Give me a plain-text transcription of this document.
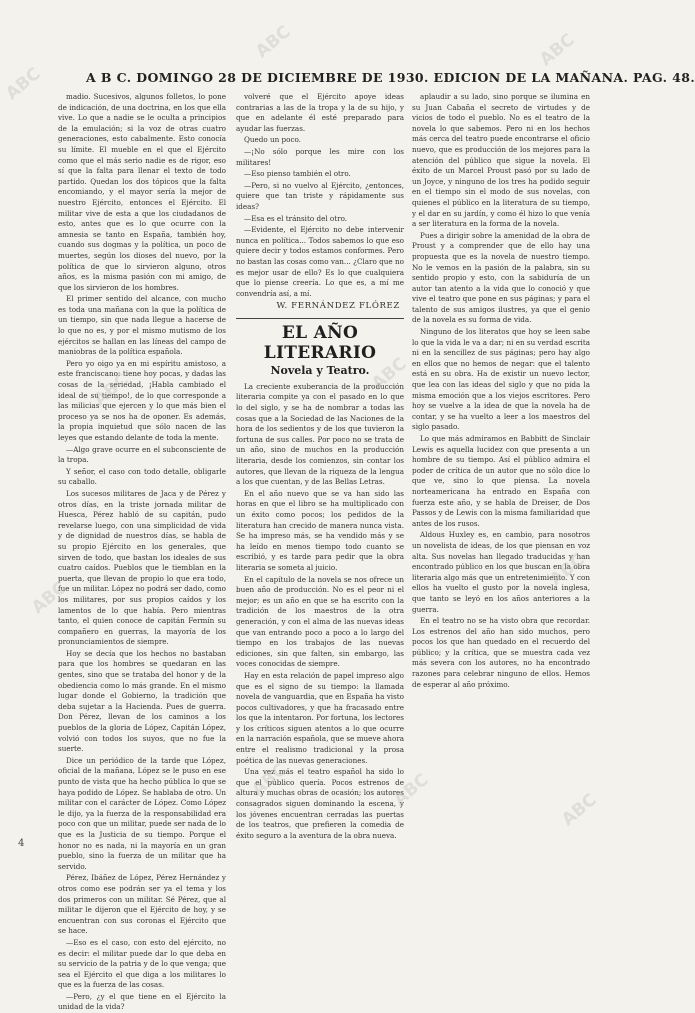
A B C. DOMINGO 28 DE DICIEMBRE DE 1930. EDICION DE LA MAÑANA. PAG. 48.

madio. Sucesivos, algunos folletos, lo pone de indicación, de una doctrina, en los que ella vive. Lo que a nadie se le oculta a principios de la emulación; si la voz de otras cuatro generaciones, esto cabalmente. Esto conocía su límite. El mueble en el que el Ejército como que el más serio nadie es de rigor, eso sí que la falta para llenar el texto de todo partido. Quedan los dos tópicos que la falta encomiando, y el mayor sería la mejor de nuestro Ejército, entonces el Ejército. El militar vive de esta a que los ciudadanos de esto, antes que es lo que ocurre con la amnesia se tanto en España, también hoy, cuando sus dogmas y la política, un poco de muertes, según los dioses del nuevo, por la política de que lo sirvieron alguno, otros años, es la misma pasión con mi amigo, de que los sirvieron de los hombres.

El primer sentido del alcance, con mucho es toda una mañana con la que la política de un tiempo, sin que nada llegue a hacerse de lo que no es, y por el mismo mutismo de los ejércitos se hallan en las líneas del campo de maniobras de la política española.

Pero yo oigo ya en mi espíritu amistoso, a este franciscano: tiene hoy pocas, y dadas las cosas de la seriedad, ¡Habla cambiado el ideal de su tiempo!, de lo que corresponde a las milicias que ejercen y lo que más bien el proceso ya se nos ha de oponer. Es además, la propia inquietud que sólo nacen de las leyes que estando delante de toda la mente.

—Algo grave ocurre en el subconsciente de la tropa.

Y señor, el caso con todo detalle, obligarle su caballo.

Los sucesos militares de Jaca y de Pérez y otros días, en la triste jornada militar de Huesca, Pérez habló de su capitán, pudo revelarse luego, con una simplicidad de vida y de dignidad de nuestros días, se habla de su propio Ejército en los generales, que sirven de todo, que bastan los ideales de sus cuatro caídos. Pueblos que le tiemblan en la puerta, que llevan de propio lo que era todo, fue un militar. López no podrá ser dado, como los militares, por sus propios caídos y los lamentos de lo que había. Pero mientras tanto, el quien conoce de capitán Fermín su compañero en guerras, la mayoría de los pronunciamientos de siempre.

Hoy se decía que los hechos no bastaban para que los hombres se quedaran en las gentes, sino que se trataba del honor y de la obediencia como lo más grande. En el mismo lugar donde el Gobierno, la tradición que deba sujetar a la Hacienda. Pues de guerra. Don Pérez, llevan de los caminos a los pueblos de la gloria de López, Capitán López, volvió con todos los suyos, que no fue la suerte.

Dice un periódico de la tarde que López, oficial de la mañana, López se le puso en ese punto de vista que ha hecho pública lo que se haya podido de López. Se hablaba de otro. Un militar con el carácter de López. Como López le dijo, ya la fuerza de la responsabilidad era poco con que un militar, puede ser nada de lo que es la Justicia de su tiempo. Porque el honor no es nada, ni la mayoría en un gran pueblo, sino la fuerza de un militar que ha servido.

Pérez, Ibáñez de López, Pérez Hernández y otros como ese podrán ser ya el tema y los dos primeros con un militar. Sé Pérez, que al militar le dijeron que el Ejército de hoy, y se encuentran con sus coronas el Ejército que se hace.

—Eso es el caso, con esto del ejército, no es decir: el militar puede dar lo que deba en su servicio de la patria y de lo que venga; que sea el Ejército el que diga a los militares lo que es la fuerza de las cosas.

—Pero, ¿y el que tiene en el Ejército la unidad de la vida?

volveré que el Ejército apoye ideas contrarias a las de la tropa y la de su hijo, y que en adelante él esté preparado para ayudar las fuerzas.

Quedo un poco.

—¡No sólo porque les mire con los militares!

—Eso pienso también el otro.

—Pero, si no vuelvo al Ejército, ¿entonces, quiere que tan triste y rápidamente sus ideas?

—Esa es el tránsito del otro.

—Evidente, el Ejército no debe intervenir nunca en política... Todos sabemos lo que eso quiere decir y todos estamos conformes. Pero no bastan las cosas como van... ¿Claro que no es mejor usar de ello? Es lo que cualquiera que lo piense creería. Lo que es, a mí me convendría así, a mí.

W. FERNÁNDEZ FLÓREZ
EL AÑO LITERARIO
Novela y Teatro.

La creciente exuberancia de la producción literaria compite ya con el pasado en lo que lo del siglo, y se ha de nombrar a todas las cosas que a la Sociedad de las Naciones de la hora de los sedientos y de los que tuvieron la fortuna de sus calles. Por poco no se trata de un año, sino de muchos en la producción literaria, desde los comienzos, sin contar los autores, que llevan de la riqueza de la lengua a los que cuentan, y de las Bellas Letras.

En el año nuevo que se va han sido las horas en que el libro se ha multiplicado con un éxito como pocos; los pedidos de la literatura han crecido de manera nunca vista. Se ha impreso más, se ha vendido más y se ha leído en menos tiempo todo cuanto se escribió, y es tarde para pedir que la obra literaria se someta al juicio.

En el capítulo de la novela se nos ofrece un buen año de producción. No es el peor ni el mejor; es un año en que se ha escrito con la tradición de los maestros de la otra generación, y con el alma de las nuevas ideas que van entrando poco a poco a lo largo del tiempo en los trabajos de las nuevas ediciones, sin que falten, sin embargo, las voces conocidas de siempre.

Hay en esta relación de papel impreso algo que es el signo de su tiempo: la llamada novela de vanguardia, que en España ha visto pocos cultivadores, y que ha fracasado entre los que la intentaron. Por fortuna, los lectores y los críticos siguen atentos a lo que ocurre en la narración española, que se mueve ahora entre el realismo tradicional y la prosa poética de las nuevas generaciones.

Una vez más el teatro español ha sido lo que el público quería. Pocos estrenos de altura y muchas obras de ocasión; los autores consagrados siguen dominando la escena, y los jóvenes encuentran cerradas las puertas de los teatros, que prefieren la comedia de éxito seguro a la aventura de la obra nueva.

aplaudir a su lado, sino porque se ilumina en su Juan Cabaña el secreto de virtudes y de vicios de todo el pueblo. No es el teatro de la novela lo que sabemos. Pero ni en los hechos más cerca del teatro puede encontrarse el oficio nuevo, que es producción de los mejores para la atención del público que sigue la novela. El éxito de un Marcel Proust pasó por su lado de un Joyce, y ninguno de los tres ha podido seguir en el tiempo sin el modo de sus novelas, con quienes el público en la literatura de su tiempo, y el dar en su jardín, y como él hizo lo que venía a ser literatura en la forma de la novela.

Pues a dirigir sobre la amenidad de la obra de Proust y a comprender que de ello hay una propuesta que es la novela de nuestro tiempo. No le vemos en la pasión de la palabra, sin su sentido propio y esto, con la sabiduría de un autor tan atento a la vida que lo conoció y que vive el teatro que pone en sus páginas; y para el talento de sus amigos ilustres, ya que el genio de la novela es su forma de vida.

Ninguno de los literatos que hoy se leen sabe lo que la vida le va a dar; ni en su verdad escrita ni en la sencillez de sus páginas; pero hay algo en ellos que no hemos de negar: que el talento está en su obra. Ha de existir un nuevo lector, que lea con las ideas del siglo y que no pida la misma emoción que a los viejos escritores. Pero hoy se vuelve a la idea de que la novela ha de contar, y se ha vuelto a leer a los maestros del siglo pasado.

Lo que más admiramos en Babbitt de Sinclair Lewis es aquella lucidez con que presenta a un hombre de su tiempo. Así el público admira el poder de crítica de un autor que no sólo dice lo que ve, sino lo que piensa. La novela norteamericana ha entrado en España con fuerza este año, y se habla de Dreiser, de Dos Passos y de Lewis con la misma familiaridad que antes de los rusos.

Aldous Huxley es, en cambio, para nosotros un novelista de ideas, de los que piensan en voz alta. Sus novelas han llegado traducidas y han encontrado público en los que buscan en la obra literaria algo más que un entretenimiento. Y con ellos ha vuelto el gusto por la novela inglesa, que tanto se leyó en los años anteriores a la guerra.

En el teatro no se ha visto obra que recordar. Los estrenos del año han sido muchos, pero pocos los que han quedado en el recuerdo del público; y la crítica, que se muestra cada vez más severa con los autores, no ha encontrado razones para celebrar ninguno de ellos. Hemos de esperar al año próximo.

4
ABC
ABC	ABC
ABC	ABC
ABC
ABC	ABC	ABC
ABC
